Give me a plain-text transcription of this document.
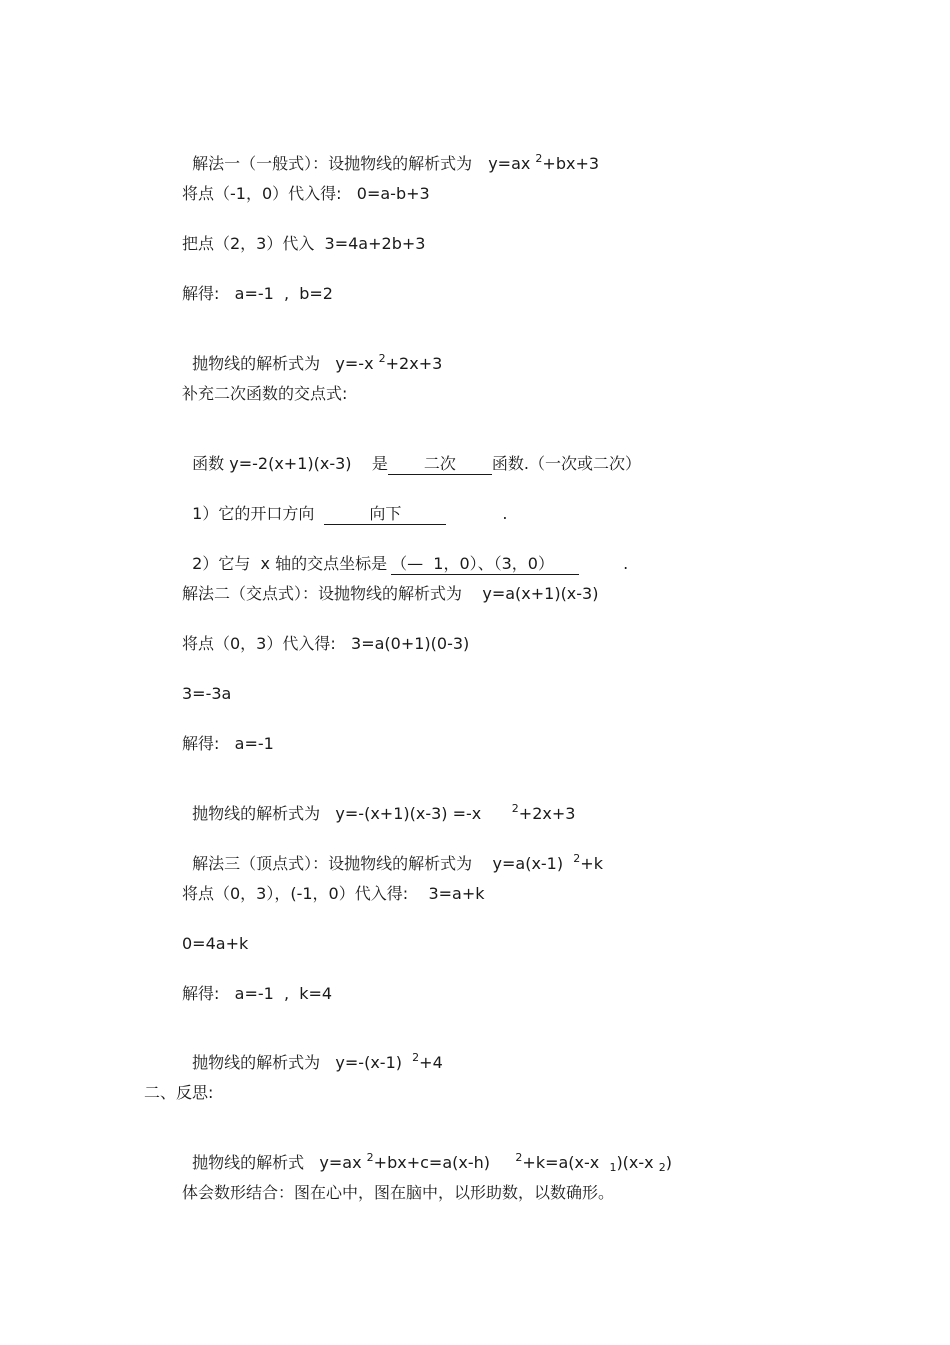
解法一（一般式）：设抛物线的解析式为 y=ax $^2$+bx+3

将点（-1，0）代入得:   0=a-b+3
把点（2，3）代入  3=4a+2b+3
解得:   a=-1  ,  b=2

抛物线的解析式为   y=-x $^2$+2x+3

补充二次函数的交点式:

函数 y=-2(x+1)(x-3)    是 二次 函数.（一次或二次）

1）它的开口方向	向下	.

2）它与  x 轴的交点坐标是 （—  1，0）、（3，0）	.

解法二（交点式）：设抛物线的解析式为    y=a(x+1)(x-3)
将点（0，3）代入得:   3=a(0+1)(0-3)
3=-3a
解得:   a=-1

抛物线的解析式为   y=-(x+1)(x-3) =-x      $^2$+2x+3

解法三（顶点式）：设抛物线的解析式为    y=a(x-1)  $^2$+k

将点（0，3），(-1，0）代入得:    3=a+k
0=4a+k
解得:   a=-1  ,  k=4

抛物线的解析式为   y=-(x-1)  $^2$+4

二、反思:

抛物线的解析式   y=ax $^2$+bx+c=a(x-h)     $^2$+k=a(x-x  $_1$)(x-x $_2$)

体会数形结合：图在心中，图在脑中，以形助数，以数确形。
